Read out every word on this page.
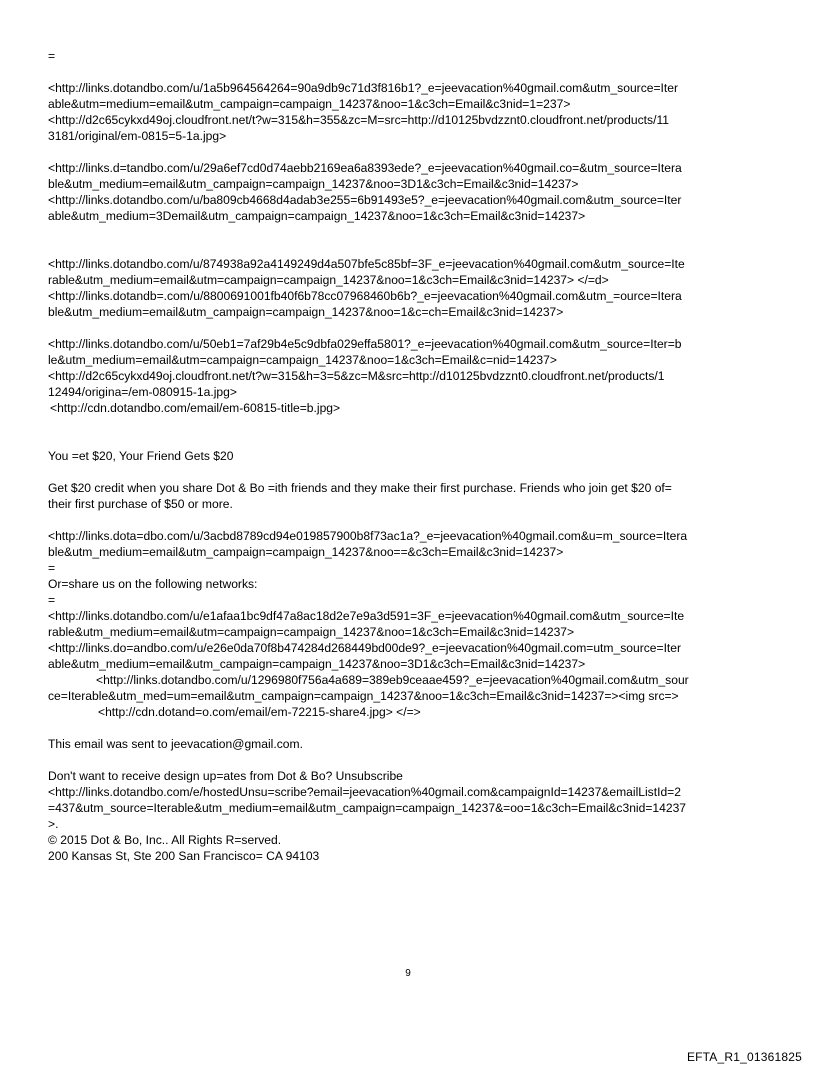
=
<http://links.dotandbo.com/u/1a5b964564264=90a9db9c71d3f816b1?_e=jeevacation%40gmail.com&utm_source=Iter
able&utm=medium=email&utm_campaign=campaign_14237&noo=1&c3ch=Email&c3nid=1=237>
<http://d2c65cykxd49oj.cloudfront.net/t?w=315&h=355&zc=M=src=http://d10125bvdzznt0.cloudfront.net/products/11
3181/original/em-0815=5-1a.jpg>
<http://links.d=tandbo.com/u/29a6ef7cd0d74aebb2169ea6a8393ede?_e=jeevacation%40gmail.co=&utm_source=Itera
ble&utm_medium=email&utm_campaign=campaign_14237&noo=3D1&c3ch=Email&c3nid=14237>
<http://links.dotandbo.com/u/ba809cb4668d4adab3e255=6b91493e5?_e=jeevacation%40gmail.com&utm_source=Iter
able&utm_medium=3Demail&utm_campaign=campaign_14237&noo=1&c3ch=Email&c3nid=14237>
<http://links.dotandbo.com/u/874938a92a4149249d4a507bfe5c85bf=3F_e=jeevacation%40gmail.com&utm_source=Ite
rable&utm_medium=email&utm=campaign=campaign_14237&noo=1&c3ch=Email&c3nid=14237> </=d>
<http://links.dotandb=.com/u/8800691001fb40f6b78cc07968460b6b?_e=jeevacation%40gmail.com&utm_=ource=Itera
ble&utm_medium=email&utm_campaign=campaign_14237&noo=1&c=ch=Email&c3nid=14237>
<http://links.dotandbo.com/u/50eb1=7af29b4e5c9dbfa029effa5801?_e=jeevacation%40gmail.com&utm_source=Iter=b
le&utm_medium=email&utm=campaign=campaign_14237&noo=1&c3ch=Email&c=nid=14237>
<http://d2c65cykxd49oj.cloudfront.net/t?w=315&h=3=5&zc=M&src=http://d10125bvdzznt0.cloudfront.net/products/1
12494/origina=/em-080915-1a.jpg>
<http://cdn.dotandbo.com/email/em-60815-title=b.jpg>
You =et $20, Your Friend Gets $20
Get $20 credit when you share Dot & Bo =ith friends and they make their first purchase. Friends who join get $20 of=
their first purchase of $50 or more.
<http://links.dota=dbo.com/u/3acbd8789cd94e019857900b8f73ac1a?_e=jeevacation%40gmail.com&u=m_source=Itera
ble&utm_medium=email&utm_campaign=campaign_14237&noo==&c3ch=Email&c3nid=14237>
=
Or=share us on the following networks:
=
<http://links.dotandbo.com/u/e1afaa1bc9df47a8ac18d2e7e9a3d591=3F_e=jeevacation%40gmail.com&utm_source=Ite
rable&utm_medium=email&utm=campaign=campaign_14237&noo=1&c3ch=Email&c3nid=14237>
<http://links.do=andbo.com/u/e26e0da70f8b474284d268449bd00de9?_e=jeevacation%40gmail.com=utm_source=Iter
able&utm_medium=email&utm_campaign=campaign_14237&noo=3D1&c3ch=Email&c3nid=14237>
<http://links.dotandbo.com/u/1296980f756a4a689=389eb9ceaae459?_e=jeevacation%40gmail.com&utm_sour
ce=Iterable&utm_med=um=email&utm_campaign=campaign_14237&noo=1&c3ch=Email&c3nid=14237=><img src=>
<http://cdn.dotand=o.com/email/em-72215-share4.jpg> </=>
This email was sent to jeevacation@gmail.com.
Don't want to receive design up=ates from Dot & Bo? Unsubscribe
<http://links.dotandbo.com/e/hostedUnsu=scribe?email=jeevacation%40gmail.com&campaignId=14237&emailListId=2
=437&utm_source=Iterable&utm_medium=email&utm_campaign=campaign_14237&=oo=1&c3ch=Email&c3nid=14237
>.
© 2015 Dot & Bo, Inc.. All Rights R=served.
200 Kansas St, Ste 200 San Francisco= CA 94103
9
EFTA_R1_01361825
